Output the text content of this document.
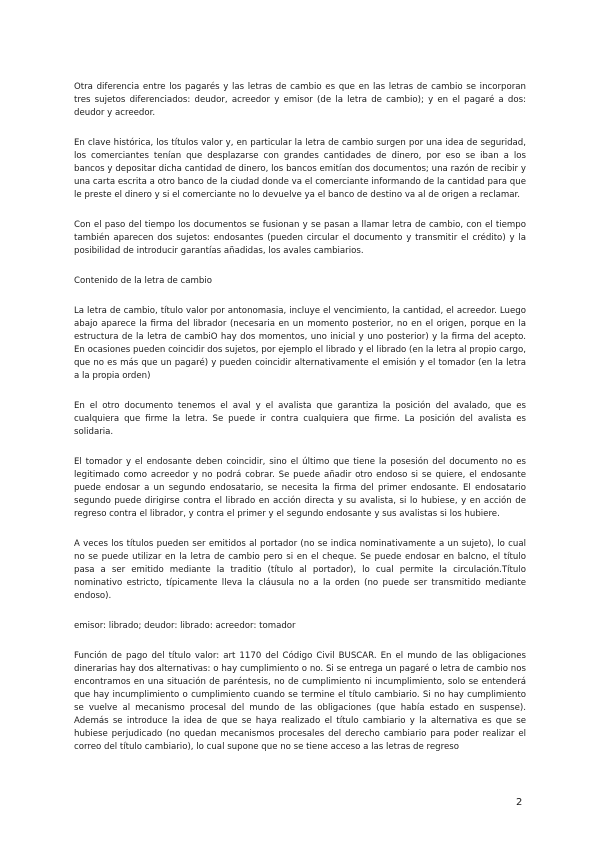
Otra diferencia entre los pagarés y las letras de cambio es que en las letras de cambio se incorporan tres sujetos diferenciados: deudor, acreedor y emisor (de la letra de cambio); y en el pagaré a dos: deudor y acreedor.

En clave histórica, los títulos valor y, en particular la letra de cambio surgen por una idea de seguridad, los comerciantes tenían que desplazarse con grandes cantidades de dinero, por eso se iban a los bancos y depositar dicha cantidad de dinero, los bancos emitían dos documentos; una razón de recibir y una carta escrita a otro banco de la ciudad donde va el comerciante informando de la cantidad para que le preste el dinero y si el comerciante no lo devuelve ya el banco de destino va al de origen a reclamar.

Con el paso del tiempo los documentos se fusionan y se pasan a llamar letra de cambio, con el tiempo también aparecen dos sujetos: endosantes (pueden circular el documento y transmitir el crédito) y la posibilidad de introducir garantías añadidas, los avales cambiarios.

Contenido de la letra de cambio

La letra de cambio, título valor por antonomasia, incluye el vencimiento, la cantidad, el acreedor. Luego abajo aparece la firma del librador (necesaria en un momento posterior, no en el origen, porque en la estructura de la letra de cambiO hay dos momentos, uno inicial y uno posterior) y la firma del acepto. En ocasiones pueden coincidir dos sujetos, por ejemplo el librado y el librado (en la letra al propio cargo, que no es más que un pagaré) y pueden coincidir alternativamente el emisión y el tomador (en la letra a la propia orden)

En el otro documento tenemos el aval y el avalista que garantiza la posición del avalado, que es cualquiera que firme la letra. Se puede ir contra cualquiera que firme. La posición del avalista es solidaria.

El tomador y el endosante deben coincidir, sino el último que tiene la posesión del documento no es legitimado como acreedor y no podrá cobrar. Se puede añadir otro endoso si se quiere, el endosante puede endosar a un segundo endosatario, se necesita la firma del primer endosante. El endosatario segundo puede dirigirse contra el librado en acción directa y su avalista, si lo hubiese, y en acción de regreso contra el librador, y contra el primer y el segundo endosante y sus avalistas si los hubiere.

A veces los títulos pueden ser emitidos al portador (no se indica nominativamente a un sujeto), lo cual no se puede utilizar en la letra de cambio pero si en el cheque. Se puede endosar en balcno, el título pasa a ser emitido mediante la traditio (título al portador), lo cual permite la circulación.Título nominativo estricto, típicamente lleva la cláusula no a la orden (no puede ser transmitido mediante endoso).

emisor: librado; deudor: librado: acreedor: tomador

Función de pago del título valor: art 1170 del Código Civil BUSCAR. En el mundo de las obligaciones dinerarias hay dos alternativas: o hay cumplimiento o no. Si se entrega un pagaré o letra de cambio nos encontramos en una situación de paréntesis, no de cumplimiento ni incumplimiento, solo se entenderá que hay incumplimiento o cumplimiento cuando se termine el título cambiario. Si no hay cumplimiento se vuelve al mecanismo procesal del mundo de las obligaciones (que había estado en suspense). Además se introduce la idea de que se haya realizado el título cambiario y la alternativa es que se hubiese perjudicado (no quedan mecanismos procesales del derecho cambiario para poder realizar el correo del título cambiario), lo cual supone que no se tiene acceso a las letras de regreso

2
